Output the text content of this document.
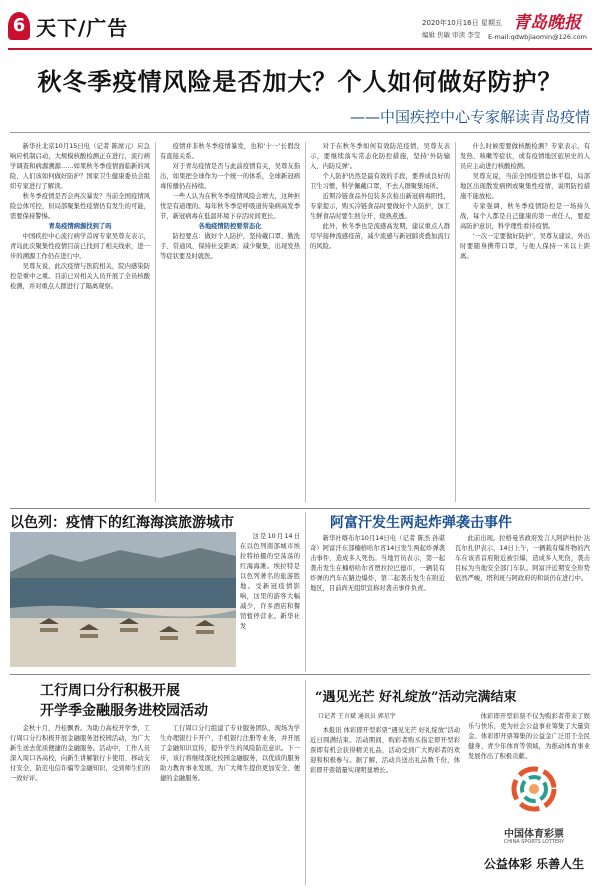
6 天下/广告	2020年10月16日 星期五
编辑 焦敏 审读 李莹
青岛晚报
E-mail:qdwbjiaomin@126.com
秋冬季疫情风险是否加大？个人如何做好防护？
——中国疾控中心专家解读青岛疫情

新华社北京10月15日电（记者 陈席元）应急响应机制启动，大规模核酸检测正在进行，流行病学调查和病源溯源……如果秋冬季疫情面临新的风险，人们该如何做好防护？国家卫生健康委员会组织专家进行了解读。

秋冬季疫情是否会再次暴发？当前全国疫情风险总体可控，但局部聚集性疫情仍有发生的可能，需要保持警惕。

青岛疫情病源找到了吗

中国疾控中心流行病学首席专家吴尊友表示，青岛此次聚集性疫情目前已找到了相关线索，进一步的溯源工作仍在进行中。

吴尊友说，此次疫情与医院相关，院内感染防控是重中之重。目前已对相关人员开展了全员核酸检测，并对重点人群进行了隔离观察。

疫情并非秋冬季疫情暴发，也和‘十一’长假没有直接关系。

对于青岛疫情是否与此前疫情有关，吴尊友指出，如果把全球作为一个统一的体系，全球新冠病毒传播仍在持续。

一些人认为在秋冬季疫情风险会增大，这种担忧是有道理的。每年秋冬季是呼吸道传染病高发季节，新冠病毒在低温环境下存活时间更长。

各地疫情防控要常态化

防控要点：做好个人防护，坚持戴口罩、勤洗手、常通风、保持社交距离；减少聚集，出现发热等症状要及时就医。

对于在秋冬季如何有效防范疫情，吴尊友表示，要继续落实常态化防控措施，坚持‘外防输入、内防反弹’。

个人防护仍然是最有效的手段，要养成良好的卫生习惯，科学佩戴口罩，不去人群聚集场所。

近期冷链食品外包装多次检出新冠病毒阳性，专家提示，购买冷链食品时要做好个人防护，加工生鲜食品时要生熟分开、烧熟煮透。

此外，秋冬季也是流感高发期，建议重点人群尽早接种流感疫苗，减少流感与新冠肺炎叠加流行的风险。

什么时候需要做核酸检测？专家表示，有发热、咳嗽等症状，或有疫情地区旅居史的人员应主动进行核酸检测。

吴尊友说，当前全国疫情总体平稳，局部地区出现散发病例或聚集性疫情，说明防控措施不能放松。

专家强调，秋冬季疫情防控是一场持久战，每个人都是自己健康的第一责任人，要提高防护意识，科学理性看待疫情。

‘一次一定要做好防护’，吴尊友建议，外出时要随身携带口罩，与他人保持一米以上距离。

以色列：疫情下的红海海滨旅游城市

这是10月14日在以色列南部城市埃拉特拍摄的空荡荡的红海海滩。埃拉特是以色列著名的旅游胜地。受新冠疫情影响，这里的游客大幅减少，许多酒店和餐馆暂停营业。新华社发

阿富汗发生两起炸弹袭击事件

新华社喀布尔10月14日电（记者 陈杰 孙谌奇）阿富汗东部楠格哈尔省14日发生两起炸弹袭击事件，造成多人死伤。当地官员表示，第一起袭击发生在楠格哈尔省贾拉拉巴德市，一辆装有炸弹的汽车在路边爆炸，第二起袭击发生在附近地区，目前尚无组织宣称对袭击事件负责。

此前出现。拉格曼省政府发言人阿萨杜拉·达瓦尔扎伊表示，14日上午，一辆载有爆炸物的汽车在该省首府附近被引爆，造成多人死伤，袭击目标为当地安全部门车队。阿富汗近期安全形势依然严峻，塔利班与阿政府的和谈仍在进行中。

工行周口分行积极开展
开学季金融服务进校园活动

金秋十月，丹桂飘香。为助力高校开学季，工行周口分行积极开展金融服务进校园活动，为广大新生送去优质便捷的金融服务。活动中，工作人员深入周口各高校，向新生讲解银行卡使用、移动支付安全、防范电信诈骗等金融知识，受到师生们的一致好评。

工行周口分行组建了专业服务团队，现场为学生办理银行卡开户、手机银行注册等业务，并开展了金融知识宣传，提升学生的风险防范意识。下一步，该行将继续深化校园金融服务，以优质的服务助力教育事业发展，为广大师生提供更加安全、便捷的金融服务。

“遇见光芒 好礼绽放”活动完满结束
口记者 王言斌 通讯员 郭星宇

本报讯 体彩即开型彩票“遇见光芒 好礼绽放”活动近日圆满结束。活动期间，购彩者购买指定即开型彩票即有机会获得精美礼品，活动受到广大购彩者的欢迎和积极参与。据了解，活动共送出礼品数千份，体彩即开票销量实现明显增长。

体彩即开型彩票不仅为购彩者带来了娱乐与快乐，更为社会公益事业筹集了大量资金。体彩即开票筹集的公益金广泛用于全民健身、青少年体育等领域，为推动体育事业发展作出了积极贡献。

中国体育彩票
CHINA SPORTS LOTTERY
公益体彩 乐善人生
